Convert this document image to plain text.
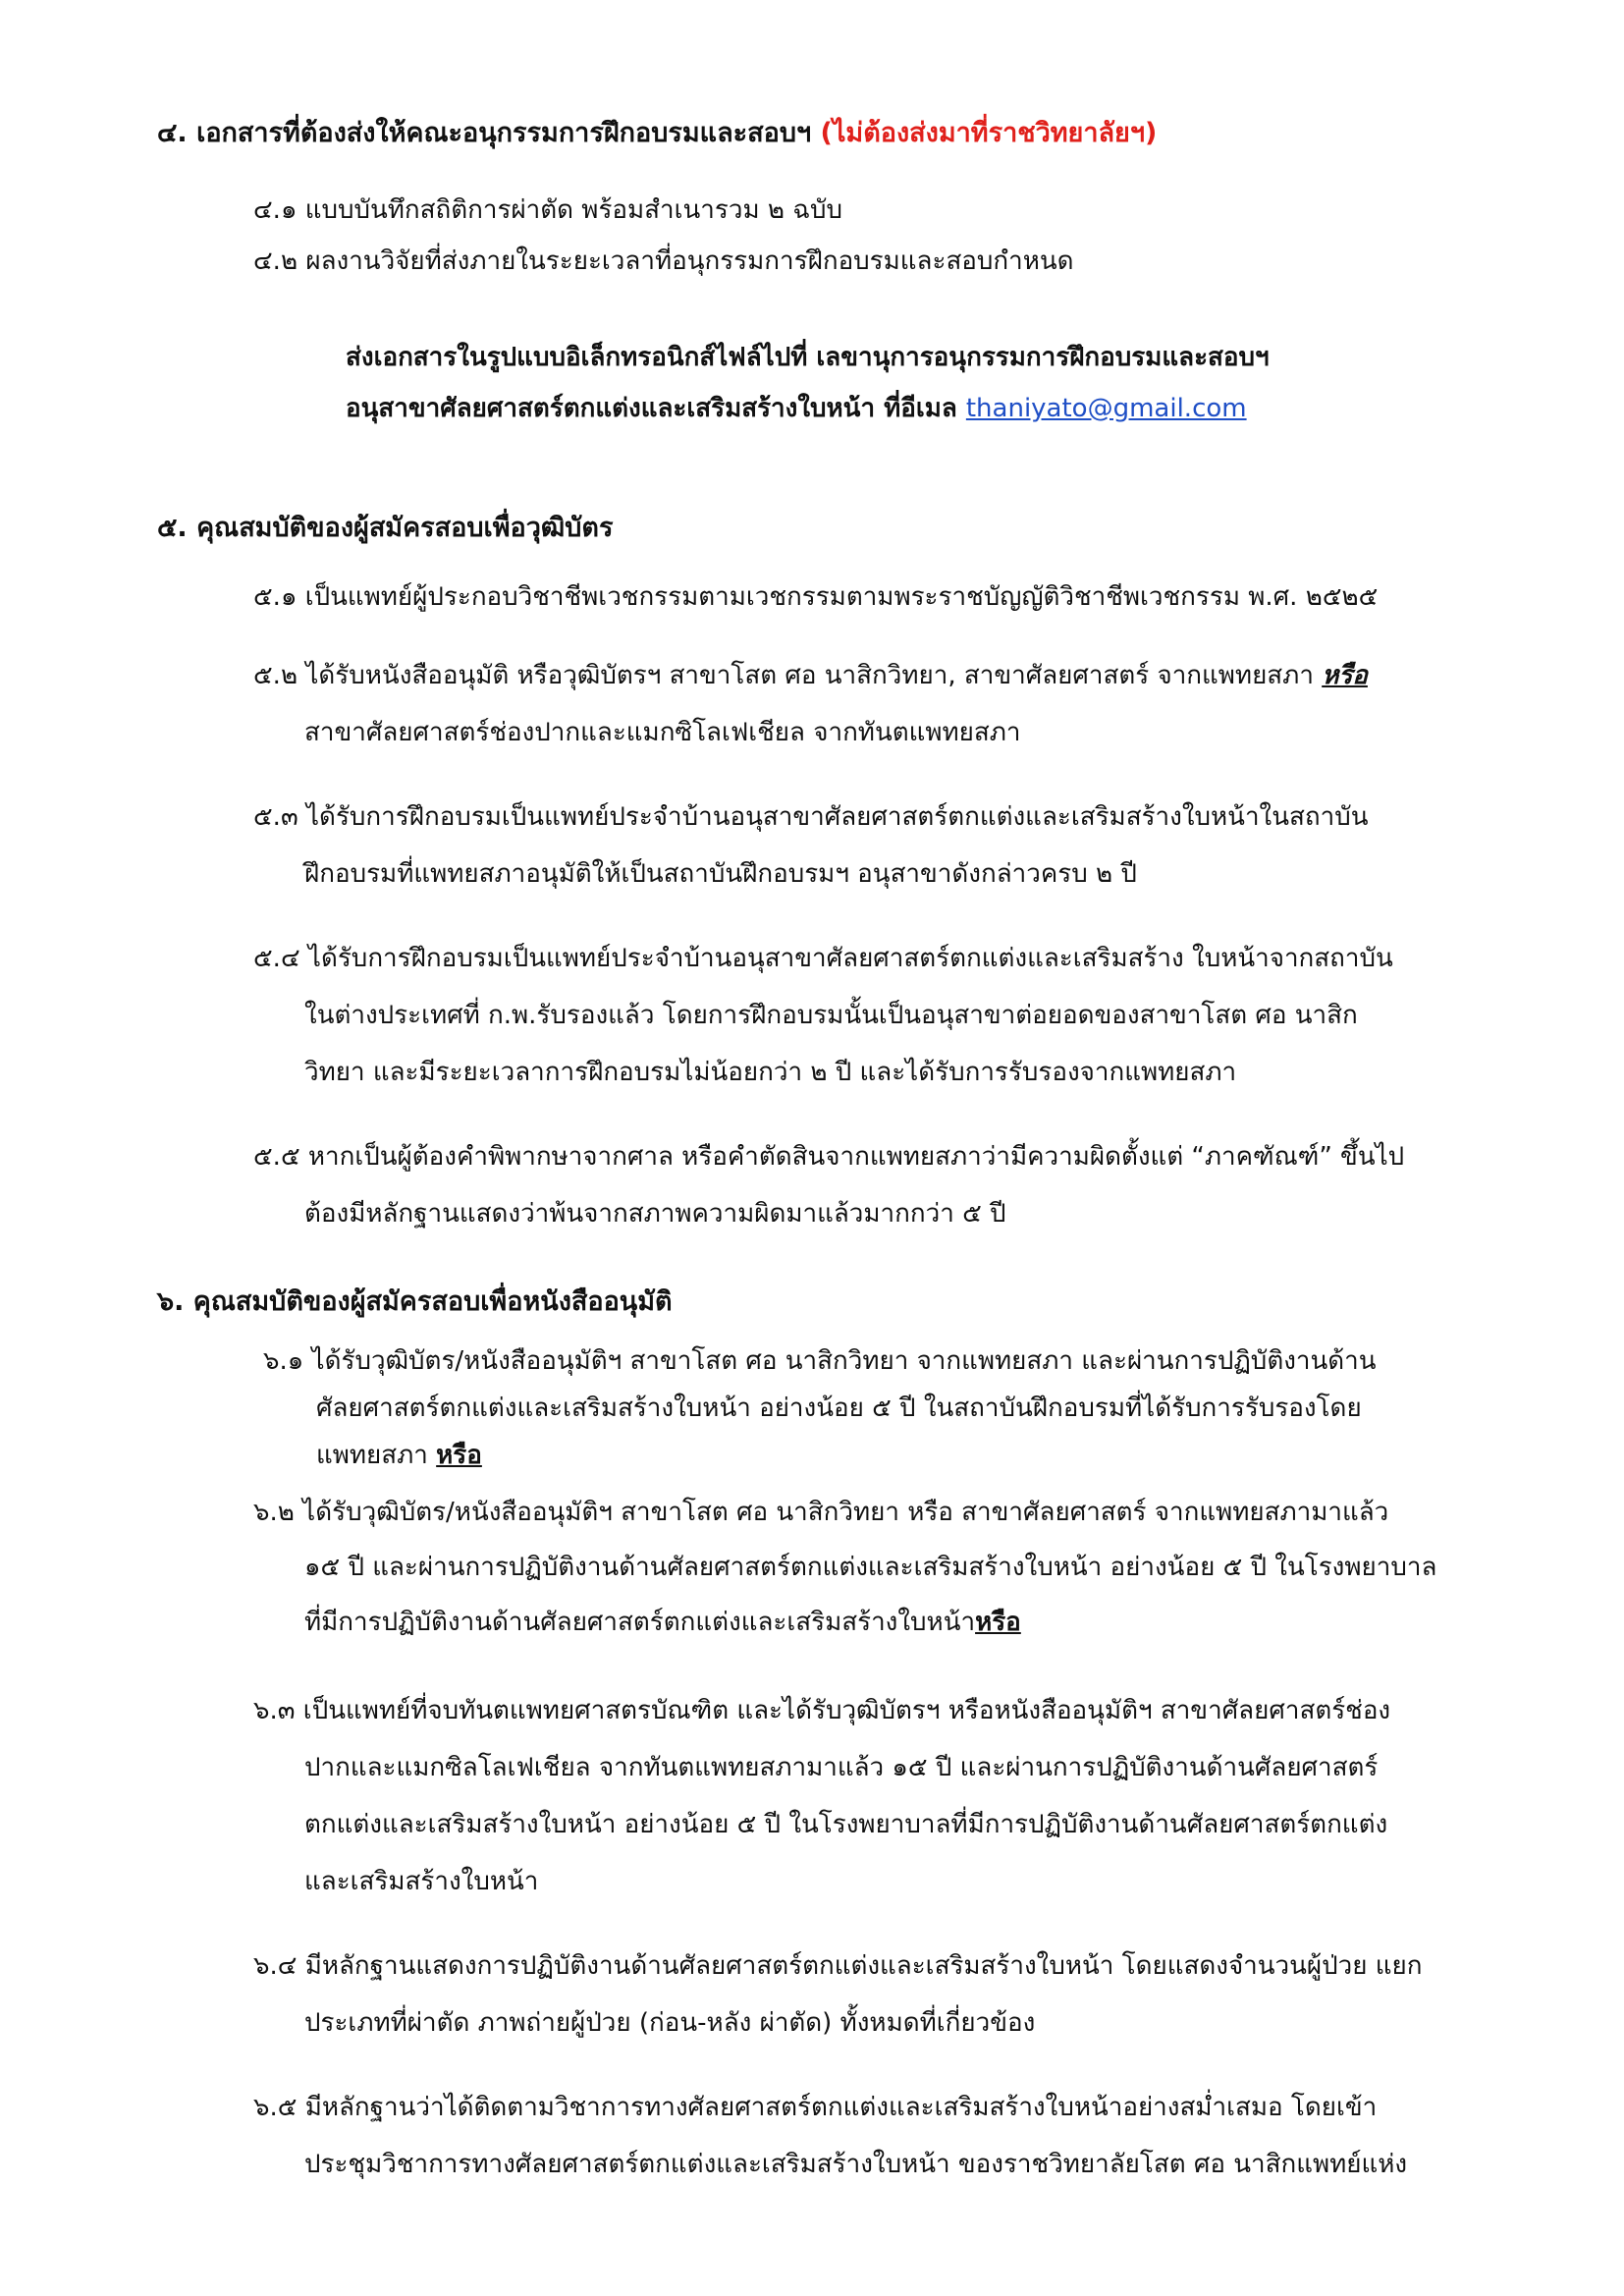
๔. เอกสารที่ต้องส่งให้คณะอนุกรรมการฝึกอบรมและสอบฯ (ไม่ต้องส่งมาที่ราชวิทยาลัยฯ)
๔.๑ แบบบันทึกสถิติการผ่าตัด พร้อมสำเนารวม ๒ ฉบับ
๔.๒ ผลงานวิจัยที่ส่งภายในระยะเวลาที่อนุกรรมการฝึกอบรมและสอบกำหนด
ส่งเอกสารในรูปแบบอิเล็กทรอนิกส์ไฟล์ไปที่ เลขานุการอนุกรรมการฝึกอบรมและสอบฯ
อนุสาขาศัลยศาสตร์ตกแต่งและเสริมสร้างใบหน้า ที่อีเมล thaniyato@gmail.com
๕. คุณสมบัติของผู้สมัครสอบเพื่อวุฒิบัตร
๕.๑ เป็นแพทย์ผู้ประกอบวิชาชีพเวชกรรมตามเวชกรรมตามพระราชบัญญัติวิชาชีพเวชกรรม พ.ศ. ๒๕๒๕
๕.๒ ได้รับหนังสืออนุมัติ หรือวุฒิบัตรฯ สาขาโสต ศอ นาสิกวิทยา, สาขาศัลยศาสตร์ จากแพทยสภา หรือ
สาขาศัลยศาสตร์ช่องปากและแมกซิโลเฟเชียล จากทันตแพทยสภา
๕.๓ ได้รับการฝึกอบรมเป็นแพทย์ประจำบ้านอนุสาขาศัลยศาสตร์ตกแต่งและเสริมสร้างใบหน้าในสถาบัน
ฝึกอบรมที่แพทยสภาอนุมัติให้เป็นสถาบันฝึกอบรมฯ อนุสาขาดังกล่าวครบ ๒ ปี
๕.๔ ได้รับการฝึกอบรมเป็นแพทย์ประจำบ้านอนุสาขาศัลยศาสตร์ตกแต่งและเสริมสร้าง ใบหน้าจากสถาบัน
ในต่างประเทศที่ ก.พ.รับรองแล้ว โดยการฝึกอบรมนั้นเป็นอนุสาขาต่อยอดของสาขาโสต ศอ นาสิก
วิทยา และมีระยะเวลาการฝึกอบรมไม่น้อยกว่า ๒ ปี และได้รับการรับรองจากแพทยสภา
๕.๕ หากเป็นผู้ต้องคำพิพากษาจากศาล หรือคำตัดสินจากแพทยสภาว่ามีความผิดตั้งแต่ “ภาคฑัณฑ์” ขึ้นไป
ต้องมีหลักฐานแสดงว่าพ้นจากสภาพความผิดมาแล้วมากกว่า ๕ ปี
๖. คุณสมบัติของผู้สมัครสอบเพื่อหนังสืออนุมัติ
๖.๑ ได้รับวุฒิบัตร/หนังสืออนุมัติฯ สาขาโสต ศอ นาสิกวิทยา จากแพทยสภา และผ่านการปฏิบัติงานด้าน
ศัลยศาสตร์ตกแต่งและเสริมสร้างใบหน้า อย่างน้อย ๕ ปี ในสถาบันฝึกอบรมที่ได้รับการรับรองโดย
แพทยสภา หรือ
๖.๒ ได้รับวุฒิบัตร/หนังสืออนุมัติฯ สาขาโสต ศอ นาสิกวิทยา หรือ สาขาศัลยศาสตร์ จากแพทยสภามาแล้ว
๑๕ ปี และผ่านการปฏิบัติงานด้านศัลยศาสตร์ตกแต่งและเสริมสร้างใบหน้า อย่างน้อย ๕ ปี ในโรงพยาบาล
ที่มีการปฏิบัติงานด้านศัลยศาสตร์ตกแต่งและเสริมสร้างใบหน้าหรือ
๖.๓ เป็นแพทย์ที่จบทันตแพทยศาสตรบัณฑิต และได้รับวุฒิบัตรฯ หรือหนังสืออนุมัติฯ สาขาศัลยศาสตร์ช่อง
ปากและแมกซิลโลเฟเชียล จากทันตแพทยสภามาแล้ว ๑๕ ปี และผ่านการปฏิบัติงานด้านศัลยศาสตร์
ตกแต่งและเสริมสร้างใบหน้า อย่างน้อย ๕ ปี ในโรงพยาบาลที่มีการปฏิบัติงานด้านศัลยศาสตร์ตกแต่ง
และเสริมสร้างใบหน้า
๖.๔ มีหลักฐานแสดงการปฏิบัติงานด้านศัลยศาสตร์ตกแต่งและเสริมสร้างใบหน้า โดยแสดงจำนวนผู้ป่วย แยก
ประเภทที่ผ่าตัด ภาพถ่ายผู้ป่วย (ก่อน-หลัง ผ่าตัด) ทั้งหมดที่เกี่ยวข้อง
๖.๕ มีหลักฐานว่าได้ติดตามวิชาการทางศัลยศาสตร์ตกแต่งและเสริมสร้างใบหน้าอย่างสม่ำเสมอ โดยเข้า
ประชุมวิชาการทางศัลยศาสตร์ตกแต่งและเสริมสร้างใบหน้า ของราชวิทยาลัยโสต ศอ นาสิกแพทย์แห่ง
